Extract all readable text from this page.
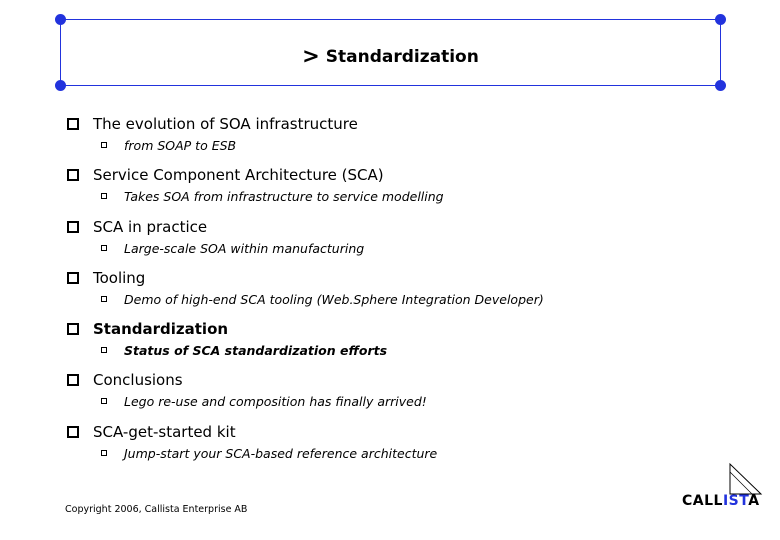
> Standardization
The evolution of SOA infrastructure
from SOAP to ESB
Service Component Architecture (SCA)
Takes SOA from infrastructure to service modelling
SCA in practice
Large-scale SOA within manufacturing
Tooling
Demo of high-end SCA tooling (Web.Sphere Integration Developer)
Standardization
Status of SCA standardization efforts
Conclusions
Lego re-use and composition has finally arrived!
SCA-get-started kit
Jump-start your SCA-based reference architecture
Copyright 2006, Callista Enterprise AB
CALLISTA
